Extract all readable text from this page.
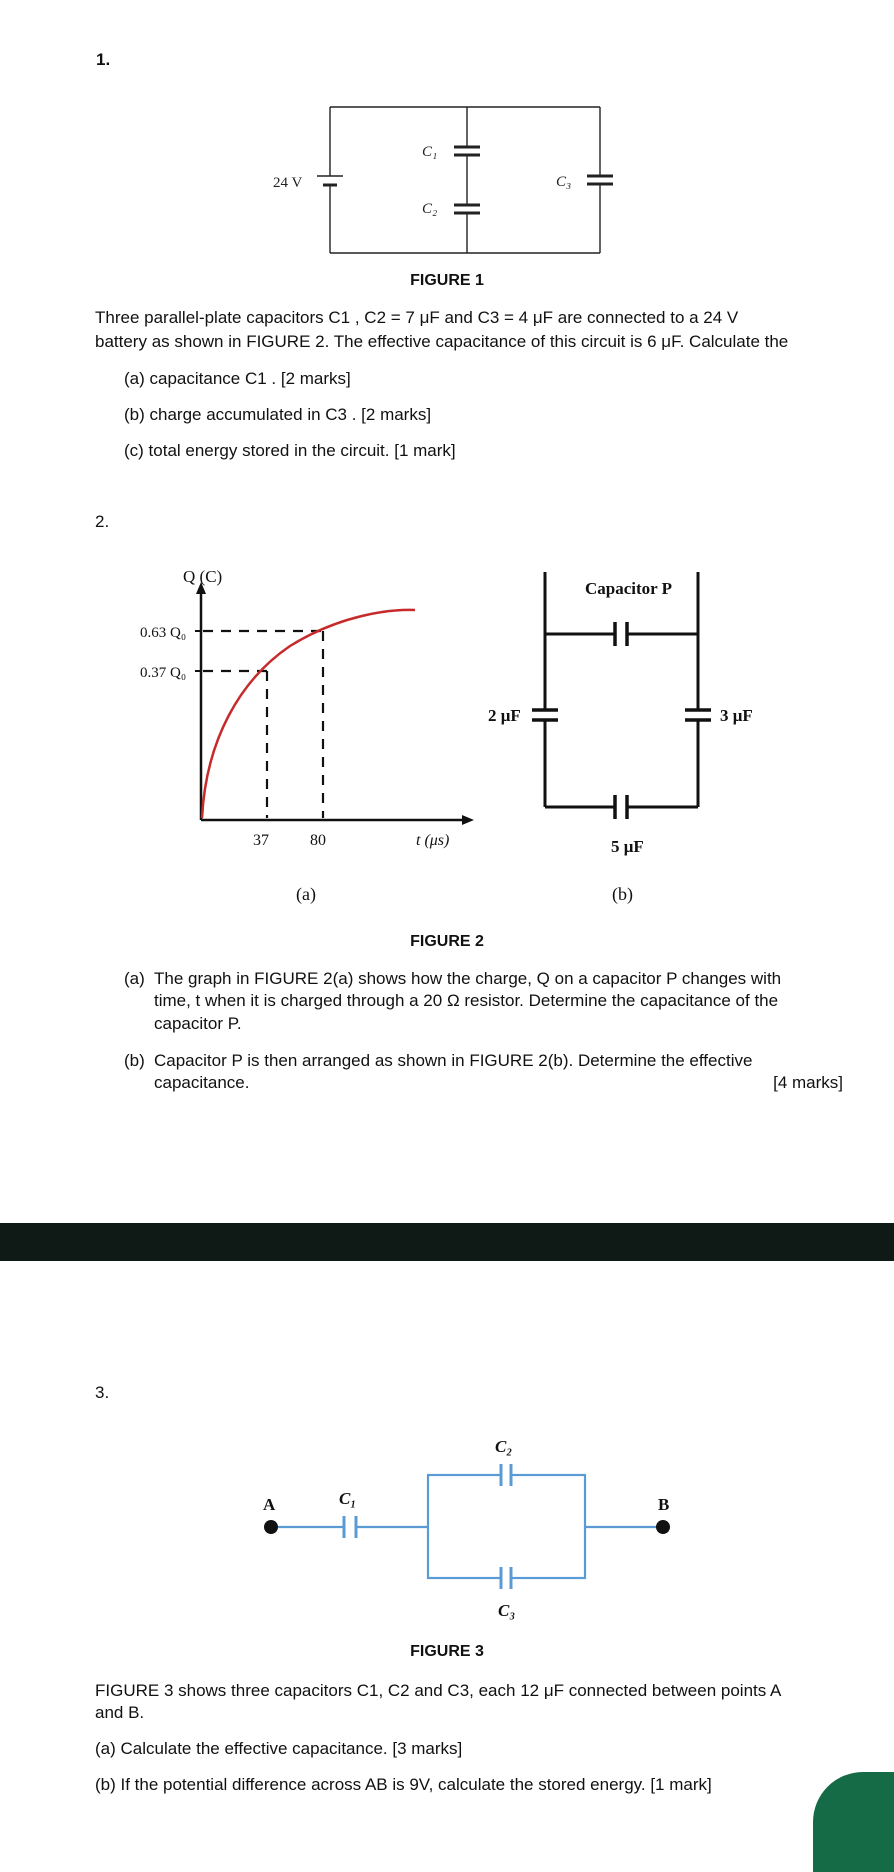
1.
24 V
C₁
C₂
C₃
FIGURE 1
Three parallel-plate capacitors C1 , C2 = 7 μF and C3 = 4 μF are connected to a 24 V
battery as shown in FIGURE 2. The effective capacitance of this circuit is 6 μF. Calculate the
(a) capacitance C1 . [2 marks]
(b) charge accumulated in C3 . [2 marks]
(c) total energy stored in the circuit. [1 mark]
2.
Q (C)
0.63 Q₀
0.37 Q₀
37	80	t (μs)
(a)
Capacitor P
2 μF	3 μF
5 μF
(b)
FIGURE 2
(a) The graph in FIGURE 2(a) shows how the charge, Q on a capacitor P changes with
time, t when it is charged through a 20 Ω resistor. Determine the capacitance of the
capacitor P.
(b) Capacitor P is then arranged as shown in FIGURE 2(b). Determine the effective
capacitance.	[4 marks]
3.
A	B
C₁
C₂
C₃
FIGURE 3
FIGURE 3 shows three capacitors C1, C2 and C3, each 12 μF connected between points A
and B.
(a) Calculate the effective capacitance. [3 marks]
(b) If the potential difference across AB is 9V, calculate the stored energy. [1 mark]
